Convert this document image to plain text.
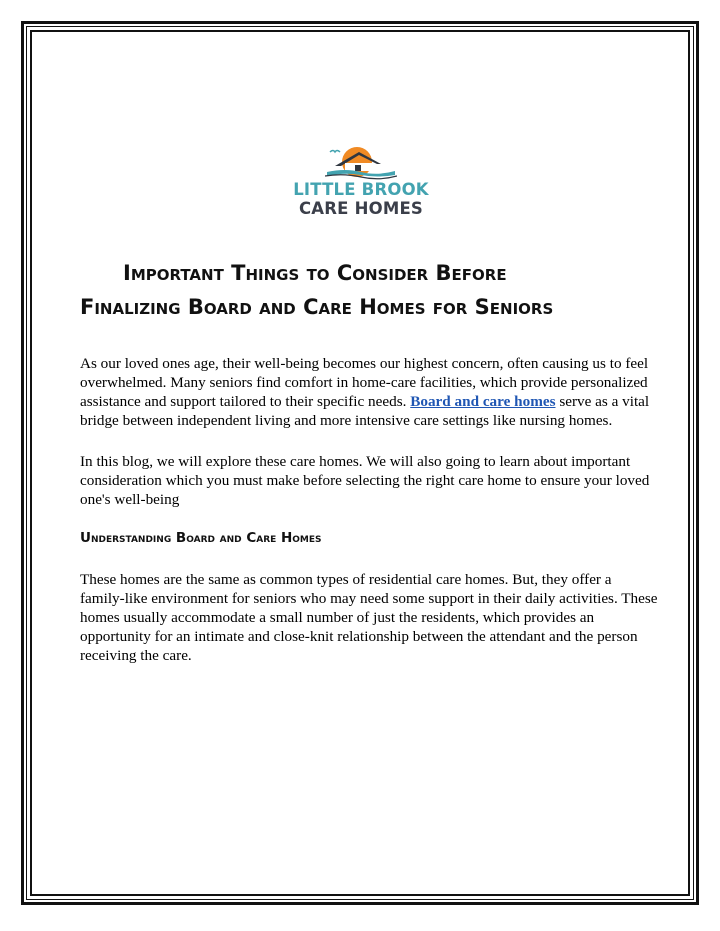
LITTLE BROOK
CARE HOMES
Important Things to Consider Before
Finalizing Board and Care Homes for Seniors
As our loved ones age, their well-being becomes our highest concern, often causing us to feel overwhelmed. Many seniors find comfort in home-care facilities, which provide personalized assistance and support tailored to their specific needs. Board and care homes serve as a vital bridge between independent living and more intensive care settings like nursing homes.
In this blog, we will explore these care homes. We will also going to learn about important consideration which you must make before selecting the right care home to ensure your loved one's well-being
Understanding Board and Care Homes
These homes are the same as common types of residential care homes. But, they offer a family-like environment for seniors who may need some support in their daily activities. These homes usually accommodate a small number of just the residents, which provides an opportunity for an intimate and close-knit relationship between the attendant and the person receiving the care.
